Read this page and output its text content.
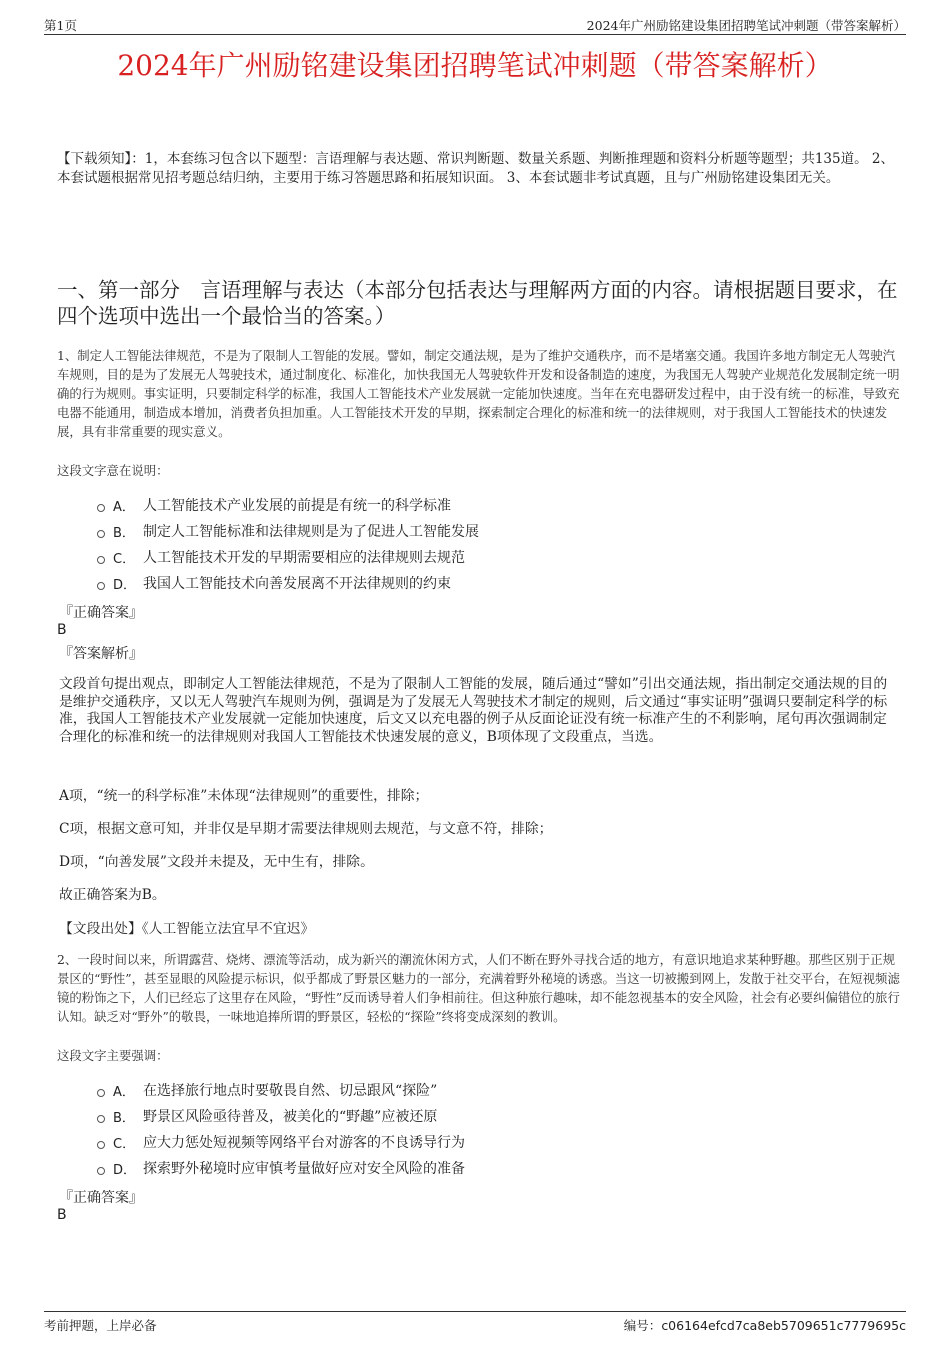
第1页	2024年广州励铭建设集团招聘笔试冲刺题（带答案解析）
2024年广州励铭建设集团招聘笔试冲刺题（带答案解析）
【下载须知】：1，本套练习包含以下题型：言语理解与表达题、常识判断题、数量关系题、判断推理题和资料分析题等题型；共135道。 2、本套试题根据常见招考题总结归纳，主要用于练习答题思路和拓展知识面。 3、本套试题非考试真题，且与广州励铭建设集团无关。
一、第一部分　言语理解与表达（本部分包括表达与理解两方面的内容。请根据题目要求，在四个选项中选出一个最恰当的答案。）
1、制定人工智能法律规范，不是为了限制人工智能的发展。譬如，制定交通法规，是为了维护交通秩序，而不是堵塞交通。我国许多地方制定无人驾驶汽车规则，目的是为了发展无人驾驶技术，通过制度化、标准化，加快我国无人驾驶软件开发和设备制造的速度，为我国无人驾驶产业规范化发展制定统一明确的行为规则。事实证明，只要制定科学的标准，我国人工智能技术产业发展就一定能加快速度。当年在充电器研发过程中，由于没有统一的标准，导致充电器不能通用，制造成本增加，消费者负担加重。人工智能技术开发的早期，探索制定合理化的标准和统一的法律规则，对于我国人工智能技术的快速发展，具有非常重要的现实意义。
这段文字意在说明：
A． 人工智能技术产业发展的前提是有统一的科学标准
B． 制定人工智能标准和法律规则是为了促进人工智能发展
C． 人工智能技术开发的早期需要相应的法律规则去规范
D． 我国人工智能技术向善发展离不开法律规则的约束
『正确答案』
B
『答案解析』
文段首句提出观点，即制定人工智能法律规范，不是为了限制人工智能的发展，随后通过“譬如”引出交通法规，指出制定交通法规的目的是维护交通秩序，又以无人驾驶汽车规则为例，强调是为了发展无人驾驶技术才制定的规则，后文通过“事实证明”强调只要制定科学的标准，我国人工智能技术产业发展就一定能加快速度，后文又以充电器的例子从反面论证没有统一标准产生的不利影响，尾句再次强调制定合理化的标准和统一的法律规则对我国人工智能技术快速发展的意义，B项体现了文段重点，当选。
A项，“统一的科学标准”未体现“法律规则”的重要性，排除；
C项，根据文意可知，并非仅是早期才需要法律规则去规范，与文意不符，排除；
D项，“向善发展”文段并未提及，无中生有，排除。
故正确答案为B。
【文段出处】《人工智能立法宜早不宜迟》
2、一段时间以来，所谓露营、烧烤、漂流等活动，成为新兴的潮流休闲方式，人们不断在野外寻找合适的地方，有意识地追求某种野趣。那些区别于正规景区的“野性”，甚至显眼的风险提示标识，似乎都成了野景区魅力的一部分，充满着野外秘境的诱惑。当这一切被搬到网上，发散于社交平台，在短视频滤镜的粉饰之下，人们已经忘了这里存在风险，“野性”反而诱导着人们争相前往。但这种旅行趣味，却不能忽视基本的安全风险，社会有必要纠偏错位的旅行认知。缺乏对“野外”的敬畏，一味地追捧所谓的野景区，轻松的“探险”终将变成深刻的教训。
这段文字主要强调：
A． 在选择旅行地点时要敬畏自然、切忌跟风“探险”
B． 野景区风险亟待普及，被美化的“野趣”应被还原
C． 应大力惩处短视频等网络平台对游客的不良诱导行为
D． 探索野外秘境时应审慎考量做好应对安全风险的准备
『正确答案』
B
考前押题，上岸必备	编号：c06164efcd7ca8eb5709651c7779695c
